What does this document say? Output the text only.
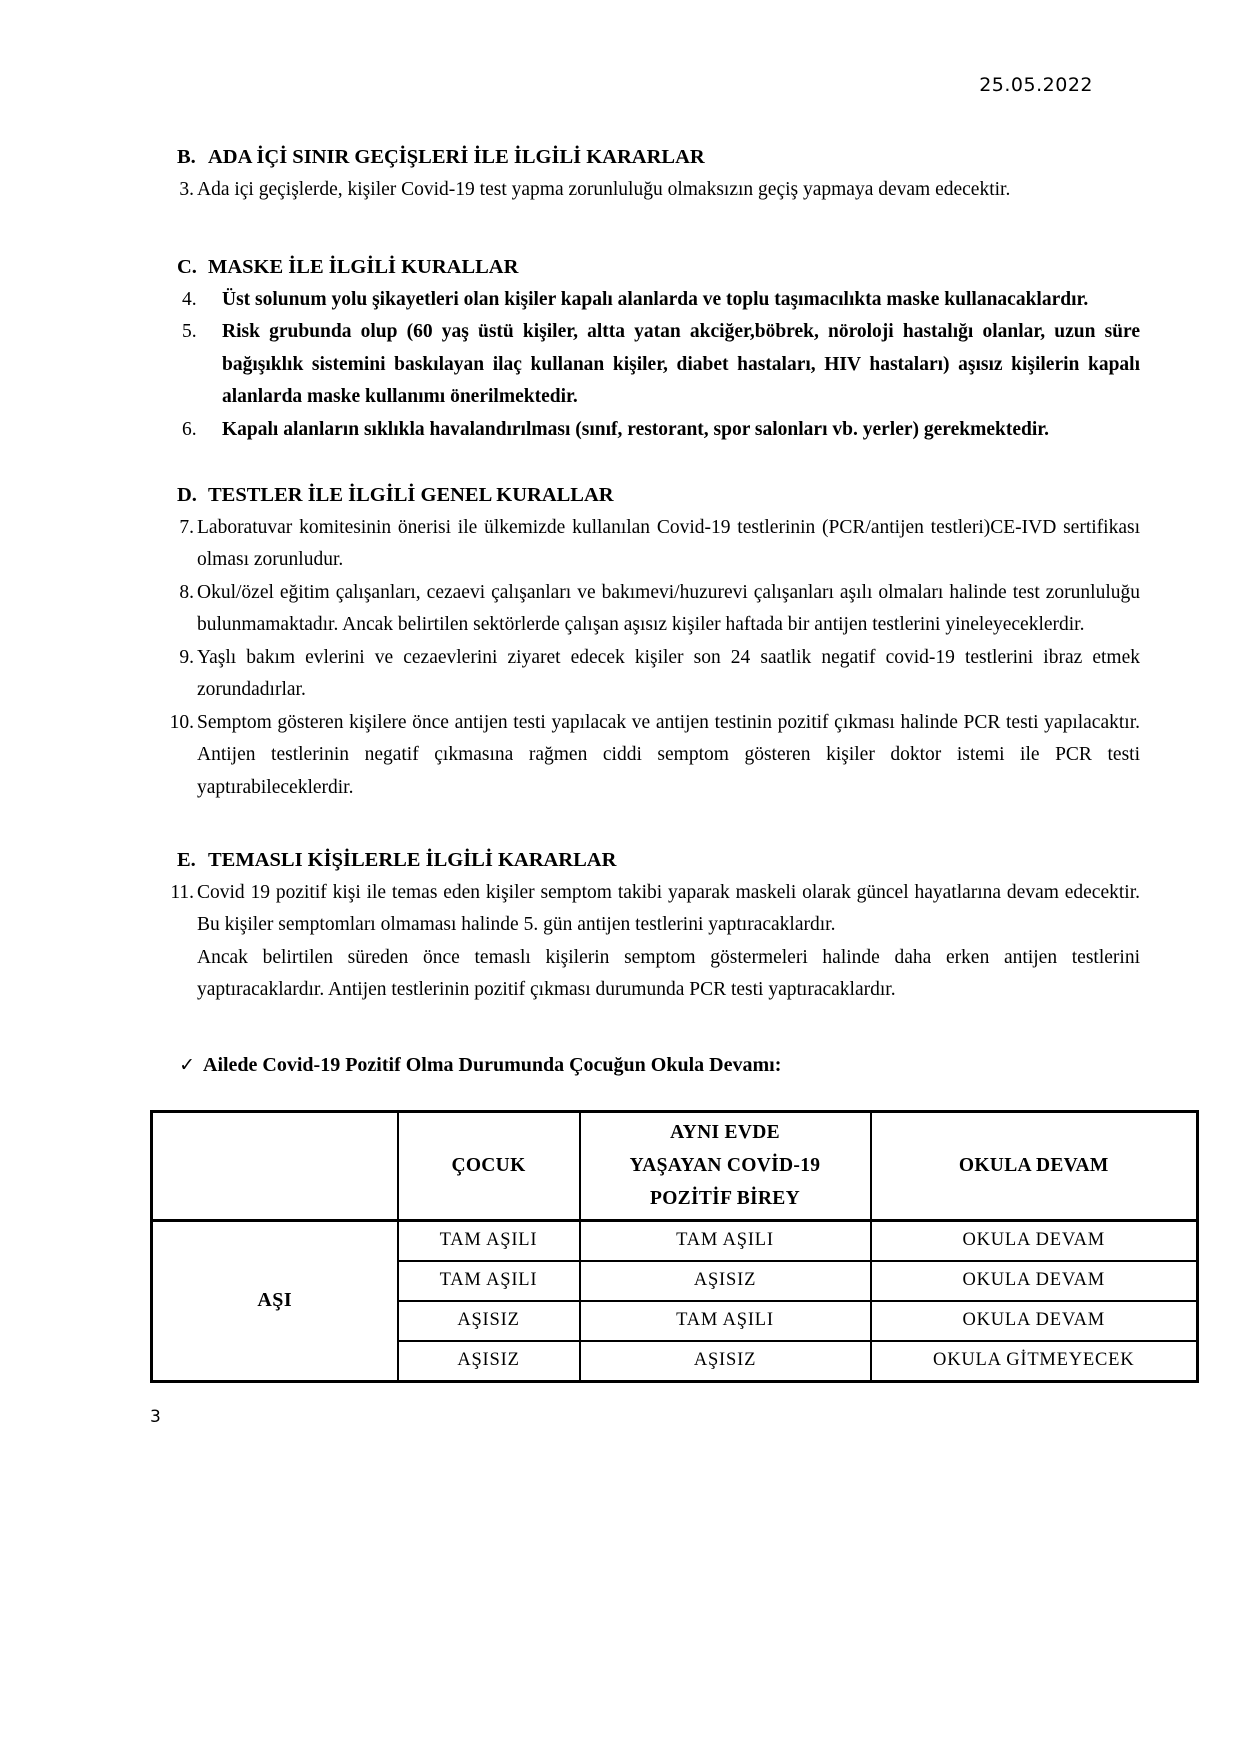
25.05.2022
B. ADA İÇİ SINIR GEÇİŞLERİ İLE İLGİLİ KARARLAR
3. Ada içi geçişlerde, kişiler Covid-19 test yapma zorunluluğu olmaksızın geçiş yapmaya devam edecektir.
C. MASKE İLE İLGİLİ KURALLAR
4.	Üst solunum yolu şikayetleri olan kişiler kapalı alanlarda ve toplu taşımacılıkta maske kullanacaklardır.
5.	Risk grubunda olup (60 yaş üstü kişiler, altta yatan akciğer,böbrek, nöroloji hastalığı olanlar, uzun süre bağışıklık sistemini baskılayan ilaç kullanan kişiler, diabet hastaları, HIV hastaları) aşısız kişilerin kapalı alanlarda maske kullanımı önerilmektedir.
6.	Kapalı alanların sıklıkla havalandırılması (sınıf, restorant, spor salonları vb. yerler) gerekmektedir.
D. TESTLER İLE İLGİLİ GENEL KURALLAR
7. Laboratuvar komitesinin önerisi ile ülkemizde kullanılan Covid-19 testlerinin (PCR/antijen testleri)CE-IVD sertifikası olması zorunludur.
8. Okul/özel eğitim çalışanları, cezaevi çalışanları ve bakımevi/huzurevi çalışanları aşılı olmaları halinde test zorunluluğu bulunmamaktadır. Ancak belirtilen sektörlerde çalışan aşısız kişiler haftada bir antijen testlerini yineleyeceklerdir.
9. Yaşlı bakım evlerini ve cezaevlerini ziyaret edecek kişiler son 24 saatlik negatif covid-19 testlerini ibraz etmek zorundadırlar.
10. Semptom gösteren kişilere önce antijen testi yapılacak ve antijen testinin pozitif çıkması halinde PCR testi yapılacaktır. Antijen testlerinin negatif çıkmasına rağmen ciddi semptom gösteren kişiler doktor istemi ile PCR testi yaptırabileceklerdir.
E. TEMASLI KİŞİLERLE İLGİLİ KARARLAR
11. Covid 19 pozitif kişi ile temas eden kişiler semptom takibi yaparak maskeli olarak güncel hayatlarına devam edecektir. Bu kişiler semptomları olmaması halinde 5. gün antijen testlerini yaptıracaklardır.
Ancak belirtilen süreden önce temaslı kişilerin semptom göstermeleri halinde daha erken antijen testlerini yaptıracaklardır. Antijen testlerinin pozitif çıkması durumunda PCR testi yaptıracaklardır.
✓ Ailede Covid-19 Pozitif Olma Durumunda Çocuğun Okula Devamı:
	ÇOCUK	AYNI EVDE
YAŞAYAN COVİD-19
POZİTİF BİREY	OKULA DEVAM
AŞI	TAM AŞILI	TAM AŞILI	OKULA DEVAM
	TAM AŞILI	AŞISIZ	OKULA DEVAM
	AŞISIZ	TAM AŞILI	OKULA DEVAM
	AŞISIZ	AŞISIZ	OKULA GİTMEYECEK
3
